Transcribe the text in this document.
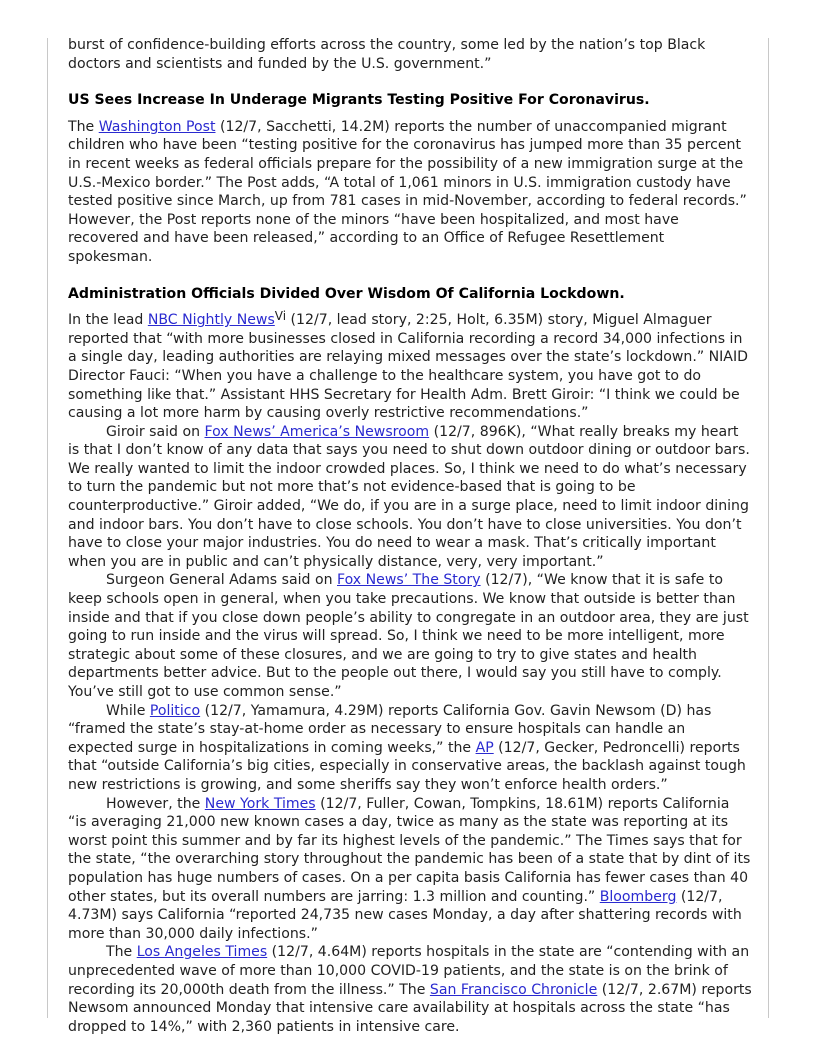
burst of confidence-building efforts across the country, some led by the nation’s top Black doctors and scientists and funded by the U.S. government.”

US Sees Increase In Underage Migrants Testing Positive For Coronavirus.

The Washington Post (12/7, Sacchetti, 14.2M) reports the number of unaccompanied migrant children who have been “testing positive for the coronavirus has jumped more than 35 percent in recent weeks as federal officials prepare for the possibility of a new immigration surge at the U.S.-Mexico border.” The Post adds, “A total of 1,061 minors in U.S. immigration custody have tested positive since March, up from 781 cases in mid-November, according to federal records.” However, the Post reports none of the minors “have been hospitalized, and most have recovered and have been released,” according to an Office of Refugee Resettlement spokesman.

Administration Officials Divided Over Wisdom Of California Lockdown.

In the lead NBC Nightly News$^{Vi}$ (12/7, lead story, 2:25, Holt, 6.35M) story, Miguel Almaguer reported that “with more businesses closed in California recording a record 34,000 infections in a single day, leading authorities are relaying mixed messages over the state’s lockdown.” NIAID Director Fauci: “When you have a challenge to the healthcare system, you have got to do something like that.” Assistant HHS Secretary for Health Adm. Brett Giroir: “I think we could be causing a lot more harm by causing overly restrictive recommendations.”

Giroir said on Fox News’ America’s Newsroom (12/7, 896K), “What really breaks my heart is that I don’t know of any data that says you need to shut down outdoor dining or outdoor bars. We really wanted to limit the indoor crowded places. So, I think we need to do what’s necessary to turn the pandemic but not more that’s not evidence-based that is going to be counterproductive.” Giroir added, “We do, if you are in a surge place, need to limit indoor dining and indoor bars. You don’t have to close schools. You don’t have to close universities. You don’t have to close your major industries. You do need to wear a mask. That’s critically important when you are in public and can’t physically distance, very, very important.”

Surgeon General Adams said on Fox News’ The Story (12/7), “We know that it is safe to keep schools open in general, when you take precautions. We know that outside is better than inside and that if you close down people’s ability to congregate in an outdoor area, they are just going to run inside and the virus will spread. So, I think we need to be more intelligent, more strategic about some of these closures, and we are going to try to give states and health departments better advice. But to the people out there, I would say you still have to comply. You’ve still got to use common sense.”

While Politico (12/7, Yamamura, 4.29M) reports California Gov. Gavin Newsom (D) has “framed the state’s stay-at-home order as necessary to ensure hospitals can handle an expected surge in hospitalizations in coming weeks,” the AP (12/7, Gecker, Pedroncelli) reports that “outside California’s big cities, especially in conservative areas, the backlash against tough new restrictions is growing, and some sheriffs say they won’t enforce health orders.”

However, the New York Times (12/7, Fuller, Cowan, Tompkins, 18.61M) reports California “is averaging 21,000 new known cases a day, twice as many as the state was reporting at its worst point this summer and by far its highest levels of the pandemic.” The Times says that for the state, “the overarching story throughout the pandemic has been of a state that by dint of its population has huge numbers of cases. On a per capita basis California has fewer cases than 40 other states, but its overall numbers are jarring: 1.3 million and counting.” Bloomberg (12/7, 4.73M) says California “reported 24,735 new cases Monday, a day after shattering records with more than 30,000 daily infections.”

The Los Angeles Times (12/7, 4.64M) reports hospitals in the state are “contending with an unprecedented wave of more than 10,000 COVID-19 patients, and the state is on the brink of recording its 20,000th death from the illness.” The San Francisco Chronicle (12/7, 2.67M) reports Newsom announced Monday that intensive care availability at hospitals across the state “has dropped to 14%,” with 2,360 patients in intensive care.
